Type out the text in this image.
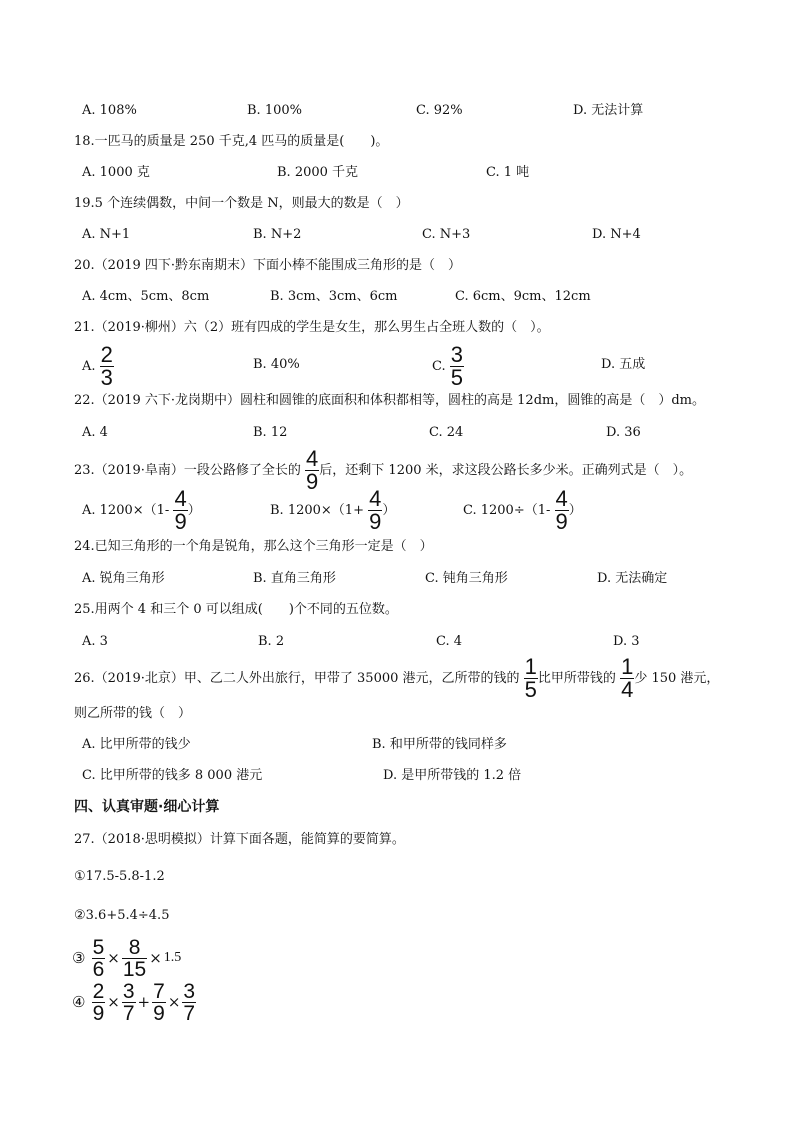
A. 108%	B. 100%	C. 92%	D. 无法计算
18.一匹马的质量是 250 千克,4 匹马的质量是(　　)。
A. 1000 克	B. 2000 千克	C. 1 吨
19.5 个连续偶数，中间一个数是 N，则最大的数是（　）
A. N+1	B. N+2	C. N+3	D. N+4
20.（2019 四下·黔东南期末）下面小棒不能围成三角形的是（　）
A. 4cm、5cm、8cm	B. 3cm、3cm、6cm	C. 6cm、9cm、12cm
21.（2019·柳州）六（2）班有四成的学生是女生，那么男生占全班人数的（　）。
A. $\frac{2}{3}$	B. 40%	C. $\frac{3}{5}$	D. 五成
22.（2019 六下·龙岗期中）圆柱和圆锥的底面积和体积都相等，圆柱的高是 12dm，圆锥的高是（　）dm。
A. 4	B. 12	C. 24	D. 36
23.（2019·阜南）一段公路修了全长的 $\frac{4}{9}$ 后，还剩下 1200 米，求这段公路长多少米。正确列式是（　）。
A. $1200\times(1- \frac{4}{9}$ ）	B. $1200\times(1+ \frac{4}{9}$ ）	C. $1200\div(1- \frac{4}{9}$ ）
24.已知三角形的一个角是锐角，那么这个三角形一定是（　）
A. 锐角三角形	B. 直角三角形	C. 钝角三角形	D. 无法确定
25.用两个 4 和三个 0 可以组成(　　)个不同的五位数。
A. 3	B. 2	C. 4	D. 3
26.（2019·北京）甲、乙二人外出旅行，甲带了 35000 港元，乙所带的钱的 $\frac{1}{5}$ 比甲所带钱的 $\frac{1}{4}$ 少 150 港元，
则乙所带的钱（　）
A. 比甲所带的钱少	B. 和甲所带的钱同样多
C. 比甲所带的钱多 8 000 港元	D. 是甲所带钱的 1.2 倍
四、认真审题·细心计算
27.（2018·思明模拟）计算下面各题，能简算的要简算。
①17.5-5.8-1.2
②3.6+5.4÷4.5
③ $\frac{5}{6} \times \frac{8}{15} \times 1.5$
④ $\frac{2}{9} \times \frac{3}{7} + \frac{7}{9} \times \frac{3}{7}$
